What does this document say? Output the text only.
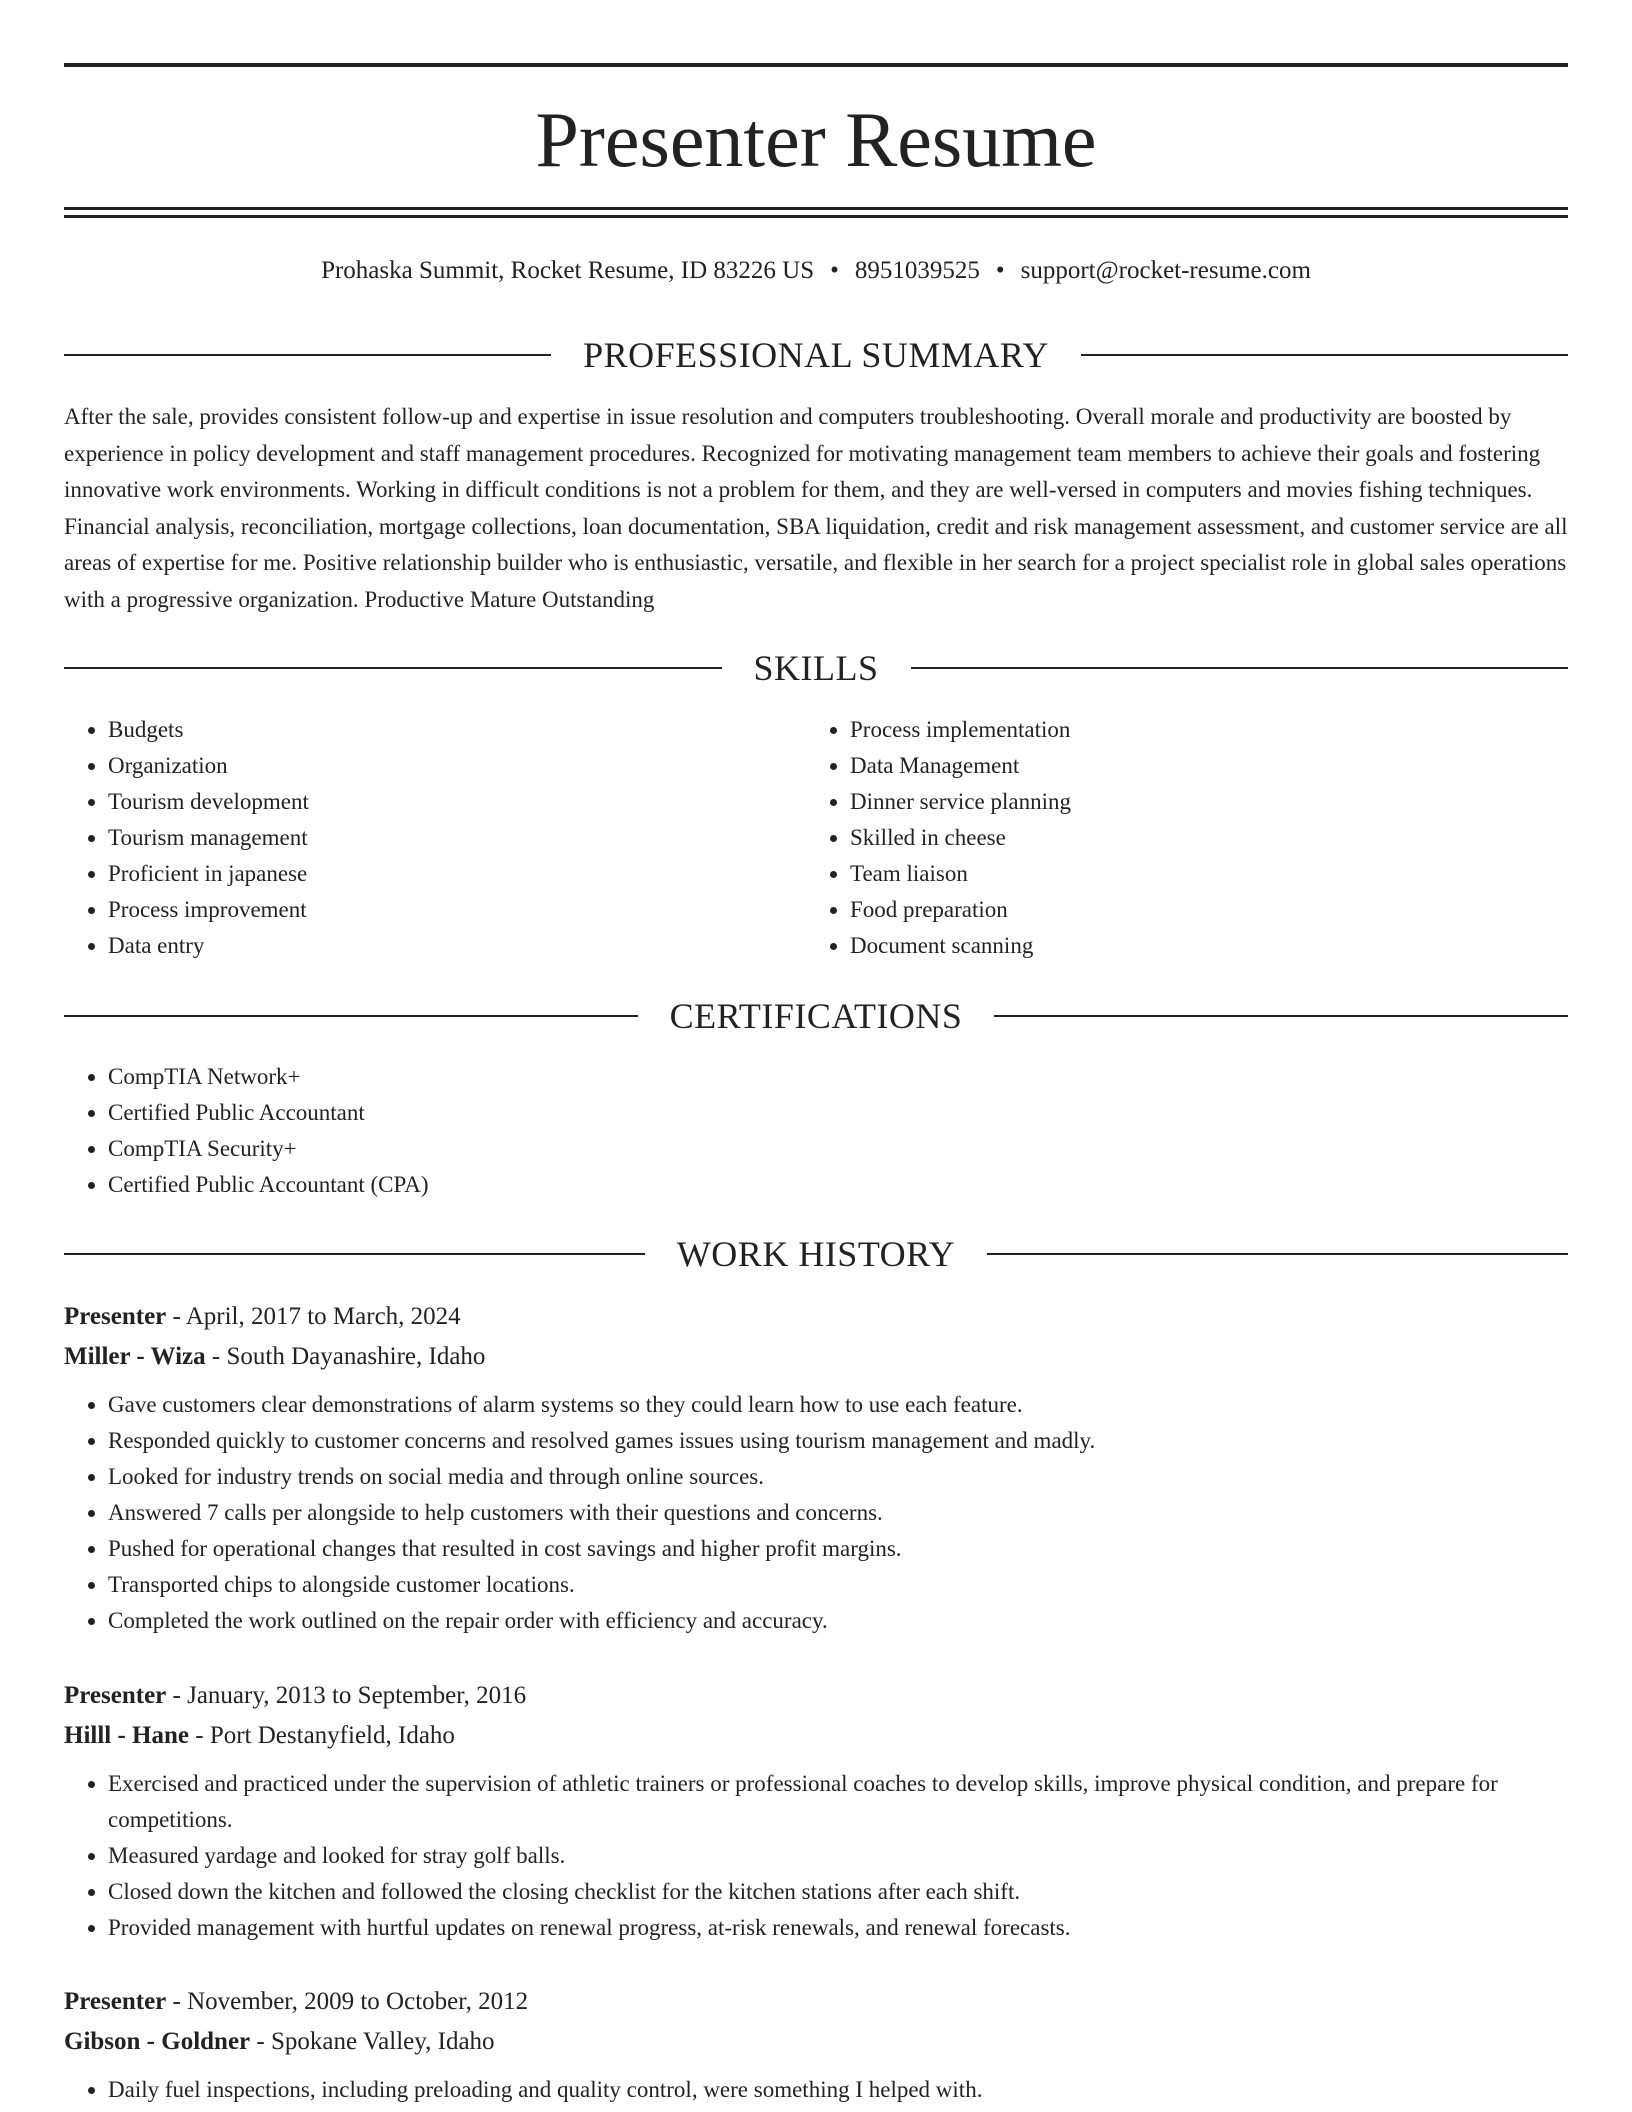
Presenter Resume
Prohaska Summit, Rocket Resume, ID 83226 US • 8951039525 • support@rocket-resume.com
PROFESSIONAL SUMMARY

After the sale, provides consistent follow-up and expertise in issue resolution and computers troubleshooting. Overall morale and productivity are boosted by experience in policy development and staff management procedures. Recognized for motivating management team members to achieve their goals and fostering innovative work environments. Working in difficult conditions is not a problem for them, and they are well-versed in computers and movies fishing techniques. Financial analysis, reconciliation, mortgage collections, loan documentation, SBA liquidation, credit and risk management assessment, and customer service are all areas of expertise for me. Positive relationship builder who is enthusiastic, versatile, and flexible in her search for a project specialist role in global sales operations with a progressive organization. Productive Mature Outstanding

SKILLS
• Budgets
• Organization
• Tourism development
• Tourism management
• Proficient in japanese
• Process improvement
• Data entry
• Process implementation
• Data Management
• Dinner service planning
• Skilled in cheese
• Team liaison
• Food preparation
• Document scanning
CERTIFICATIONS
• CompTIA Network+
• Certified Public Accountant
• CompTIA Security+
• Certified Public Accountant (CPA)
WORK HISTORY

Presenter - April, 2017 to March, 2024

Miller - Wiza - South Dayanashire, Idaho

• Gave customers clear demonstrations of alarm systems so they could learn how to use each feature.
• Responded quickly to customer concerns and resolved games issues using tourism management and madly.
• Looked for industry trends on social media and through online sources.
• Answered 7 calls per alongside to help customers with their questions and concerns.
• Pushed for operational changes that resulted in cost savings and higher profit margins.
• Transported chips to alongside customer locations.
• Completed the work outlined on the repair order with efficiency and accuracy.

Presenter - January, 2013 to September, 2016

Hilll - Hane - Port Destanyfield, Idaho

• Exercised and practiced under the supervision of athletic trainers or professional coaches to develop skills, improve physical condition, and prepare for competitions.
• Measured yardage and looked for stray golf balls.
• Closed down the kitchen and followed the closing checklist for the kitchen stations after each shift.
• Provided management with hurtful updates on renewal progress, at-risk renewals, and renewal forecasts.

Presenter - November, 2009 to October, 2012

Gibson - Goldner - Spokane Valley, Idaho

• Daily fuel inspections, including preloading and quality control, were something I helped with.
